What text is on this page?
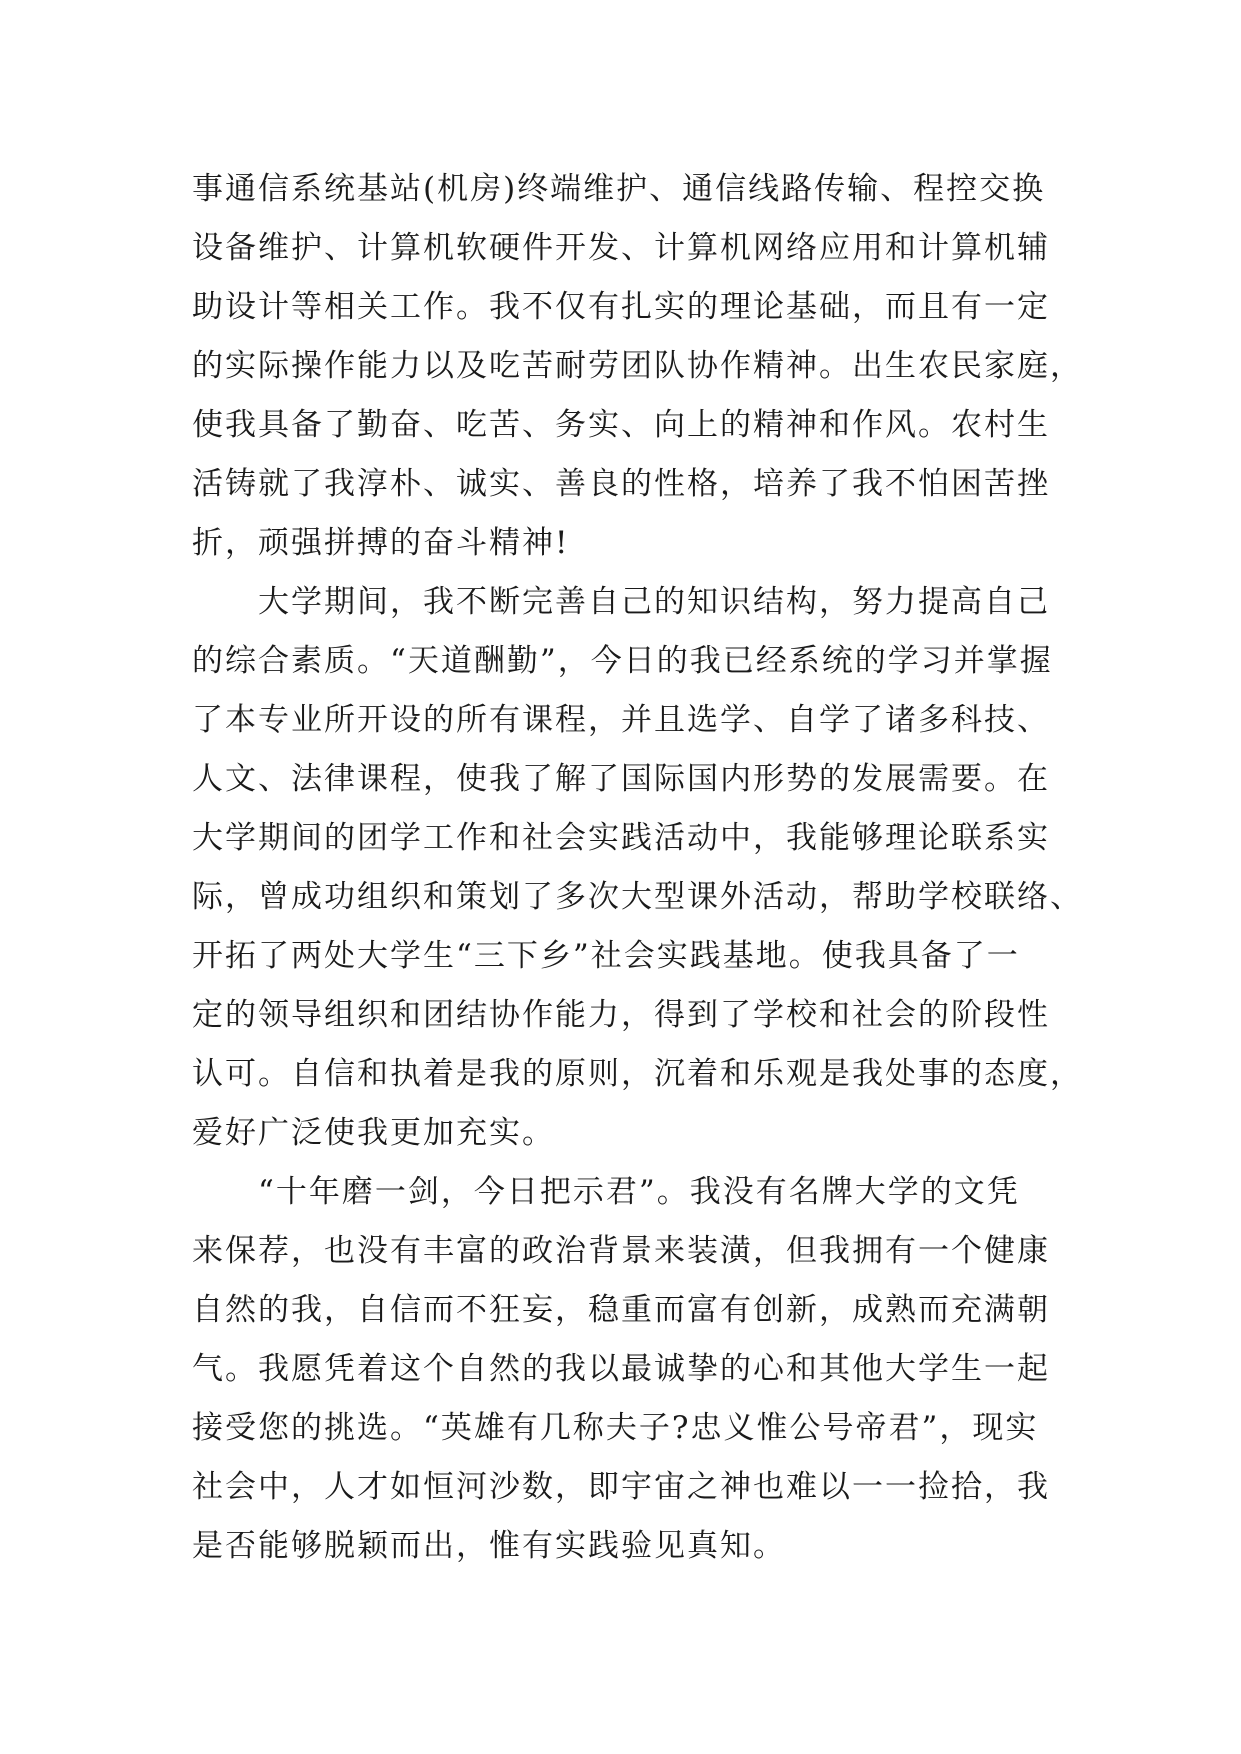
事通信系统基站(机房)终端维护、通信线路传输、程控交换
设备维护、计算机软硬件开发、计算机网络应用和计算机辅
助设计等相关工作。我不仅有扎实的理论基础，而且有一定
的实际操作能力以及吃苦耐劳团队协作精神。出生农民家庭，
使我具备了勤奋、吃苦、务实、向上的精神和作风。农村生
活铸就了我淳朴、诚实、善良的性格，培养了我不怕困苦挫
折，顽强拼搏的奋斗精神!
大学期间，我不断完善自己的知识结构，努力提高自己
的综合素质。“天道酬勤”，今日的我已经系统的学习并掌握
了本专业所开设的所有课程，并且选学、自学了诸多科技、
人文、法律课程，使我了解了国际国内形势的发展需要。在
大学期间的团学工作和社会实践活动中，我能够理论联系实
际，曾成功组织和策划了多次大型课外活动，帮助学校联络、
开拓了两处大学生“三下乡”社会实践基地。使我具备了一
定的领导组织和团结协作能力，得到了学校和社会的阶段性
认可。自信和执着是我的原则，沉着和乐观是我处事的态度，
爱好广泛使我更加充实。
“十年磨一剑，今日把示君”。我没有名牌大学的文凭
来保荐，也没有丰富的政治背景来装潢，但我拥有一个健康
自然的我，自信而不狂妄，稳重而富有创新，成熟而充满朝
气。我愿凭着这个自然的我以最诚挚的心和其他大学生一起
接受您的挑选。“英雄有几称夫子?忠义惟公号帝君”，现实
社会中，人才如恒河沙数，即宇宙之神也难以一一捡拾，我
是否能够脱颖而出，惟有实践验见真知。
